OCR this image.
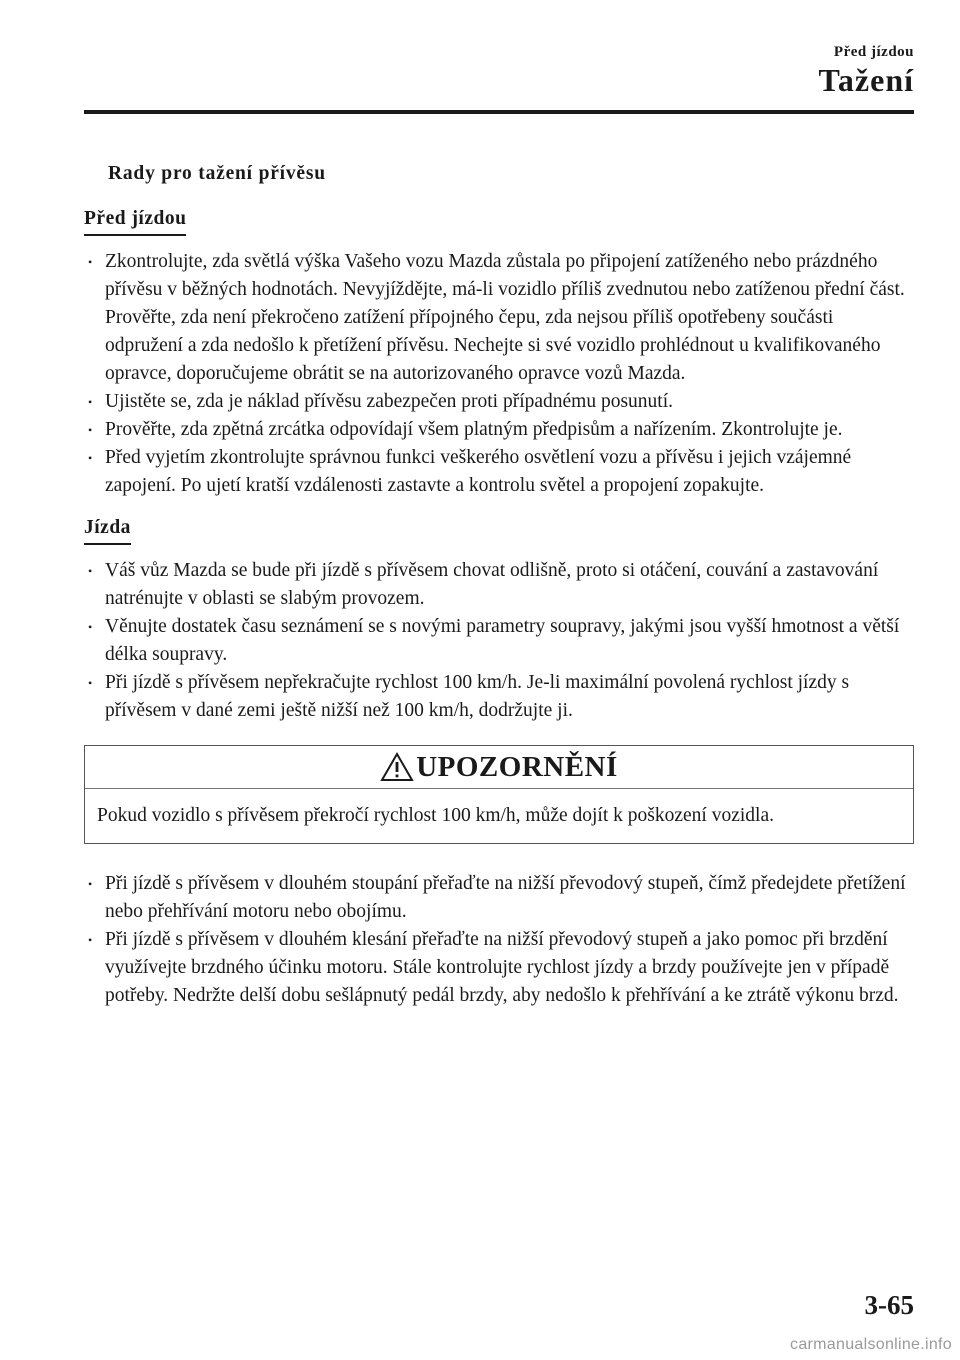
Před jízdou
Tažení
Rady pro tažení přívěsu
Před jízdou
• Zkontrolujte, zda světlá výška Vašeho vozu Mazda zůstala po připojení zatíženého nebo prázdného přívěsu v běžných hodnotách. Nevyjíždějte, má-li vozidlo příliš zvednutou nebo zatíženou přední část. Prověřte, zda není překročeno zatížení přípojného čepu, zda nejsou příliš opotřebeny součásti odpružení a zda nedošlo k přetížení přívěsu. Nechejte si své vozidlo prohlédnout u kvalifikovaného opravce, doporučujeme obrátit se na autorizovaného opravce vozů Mazda.
• Ujistěte se, zda je náklad přívěsu zabezpečen proti případnému posunutí.
• Prověřte, zda zpětná zrcátka odpovídají všem platným předpisům a nařízením. Zkontrolujte je.
• Před vyjetím zkontrolujte správnou funkci veškerého osvětlení vozu a přívěsu i jejich vzájemné zapojení. Po ujetí kratší vzdálenosti zastavte a kontrolu světel a propojení zopakujte.
Jízda
• Váš vůz Mazda se bude při jízdě s přívěsem chovat odlišně, proto si otáčení, couvání a zastavování natrénujte v oblasti se slabým provozem.
• Věnujte dostatek času seznámení se s novými parametry soupravy, jakými jsou vyšší hmotnost a větší délka soupravy.
• Při jízdě s přívěsem nepřekračujte rychlost 100 km/h. Je-li maximální povolená rychlost jízdy s přívěsem v dané zemi ještě nižší než 100 km/h, dodržujte ji.
UPOZORNĚNÍ
Pokud vozidlo s přívěsem překročí rychlost 100 km/h, může dojít k poškození vozidla.
• Při jízdě s přívěsem v dlouhém stoupání přeřaďte na nižší převodový stupeň, čímž předejdete přetížení nebo přehřívání motoru nebo obojímu.
• Při jízdě s přívěsem v dlouhém klesání přeřaďte na nižší převodový stupeň a jako pomoc při brzdění využívejte brzdného účinku motoru. Stále kontrolujte rychlost jízdy a brzdy používejte jen v případě potřeby. Nedržte delší dobu sešlápnutý pedál brzdy, aby nedošlo k přehřívání a ke ztrátě výkonu brzd.
3-65
carmanualsonline.info
